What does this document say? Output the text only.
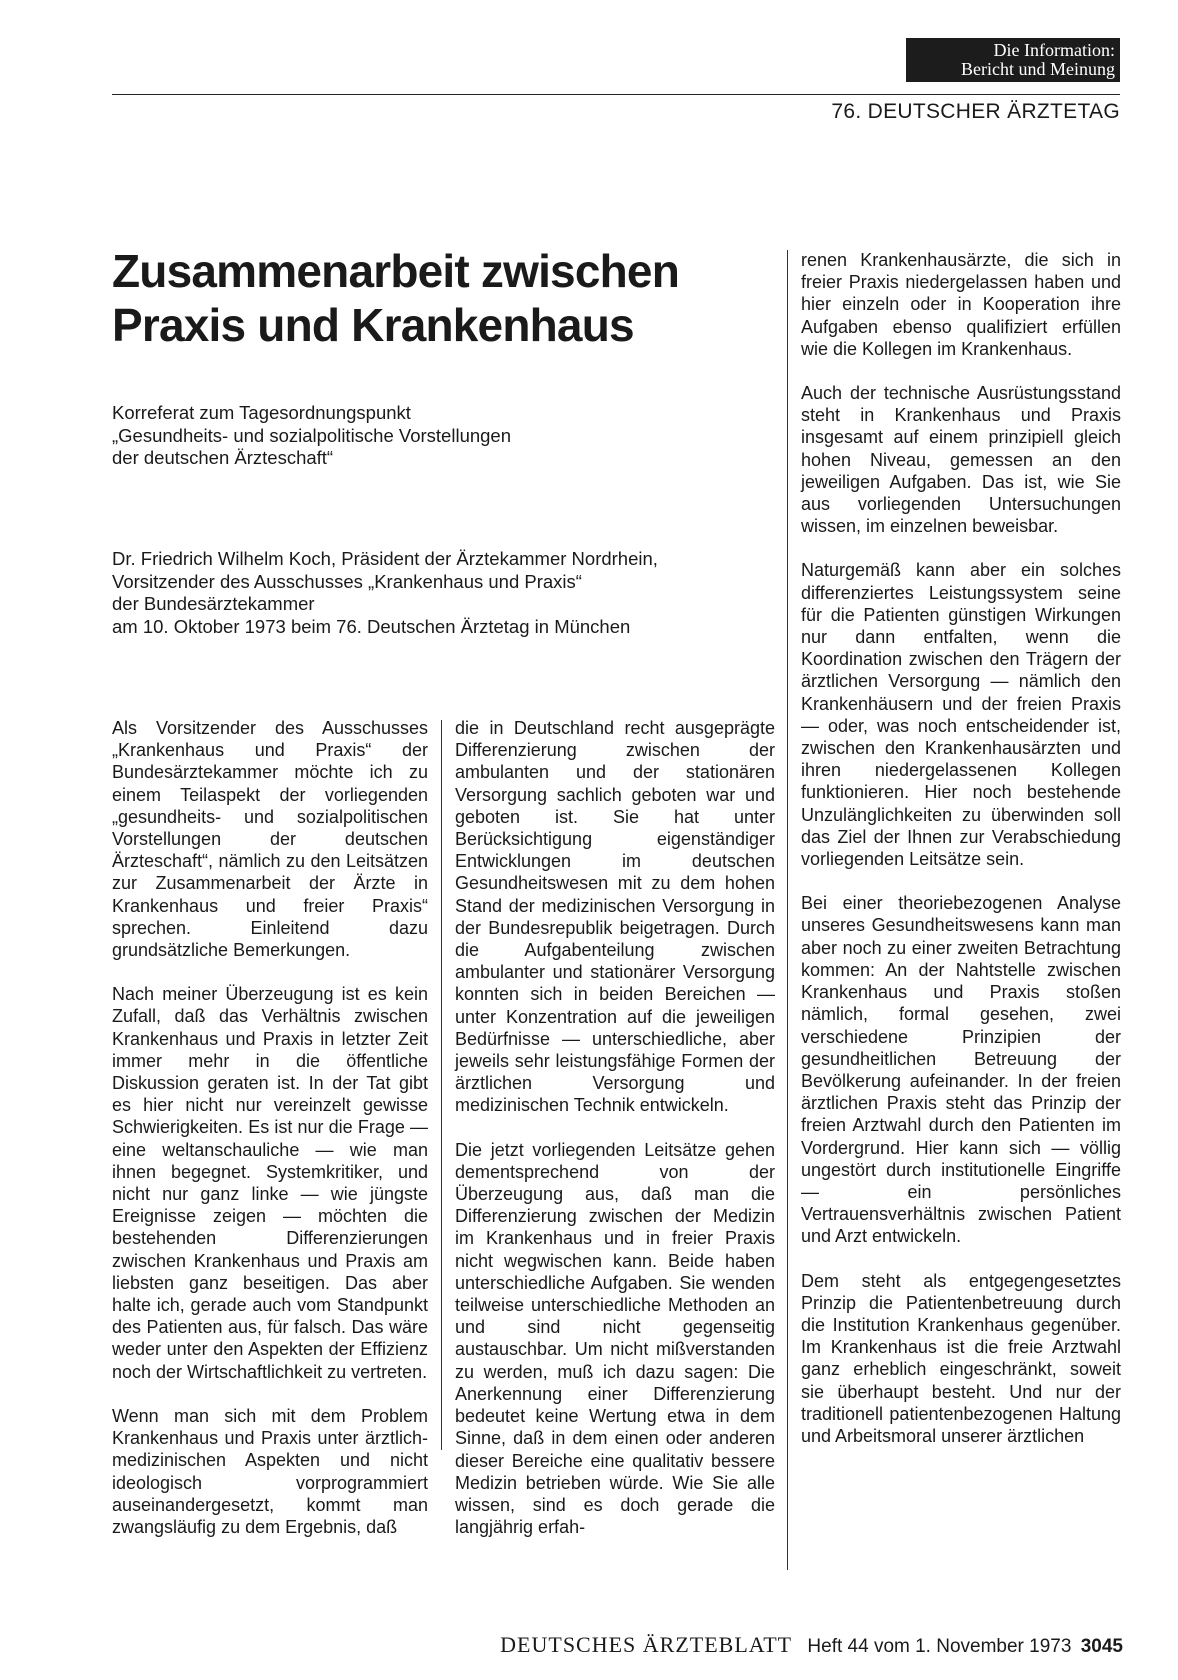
Die Information:
Bericht und Meinung
76. DEUTSCHER ÄRZTETAG
Zusammenarbeit zwischen
Praxis und Krankenhaus
Korreferat zum Tagesordnungspunkt
„Gesundheits- und sozialpolitische Vorstellungen
der deutschen Ärzteschaft“
Dr. Friedrich Wilhelm Koch, Präsident der Ärztekammer Nordrhein,
Vorsitzender des Ausschusses „Krankenhaus und Praxis“
der Bundesärztekammer
am 10. Oktober 1973 beim 76. Deutschen Ärztetag in München

Als Vorsitzender des Ausschusses „Krankenhaus und Praxis“ der Bundesärztekammer möchte ich zu einem Teilaspekt der vorliegenden „gesundheits- und sozialpolitischen Vorstellungen der deutschen Ärzteschaft“, nämlich zu den Leitsätzen zur Zusammenarbeit der Ärzte in Krankenhaus und freier Praxis“ sprechen. Einleitend dazu grundsätzliche Bemerkungen.

Nach meiner Überzeugung ist es kein Zufall, daß das Verhältnis zwischen Krankenhaus und Praxis in letzter Zeit immer mehr in die öffentliche Diskussion geraten ist. In der Tat gibt es hier nicht nur vereinzelt gewisse Schwierigkeiten. Es ist nur die Frage — eine weltanschauliche — wie man ihnen begegnet. Systemkritiker, und nicht nur ganz linke — wie jüngste Ereignisse zeigen — möchten die bestehenden Differenzierungen zwischen Krankenhaus und Praxis am liebsten ganz beseitigen. Das aber halte ich, gerade auch vom Standpunkt des Patienten aus, für falsch. Das wäre weder unter den Aspekten der Effizienz noch der Wirtschaftlichkeit zu vertreten.

Wenn man sich mit dem Problem Krankenhaus und Praxis unter ärztlich-medizinischen Aspekten und nicht ideologisch vorprogrammiert auseinandergesetzt, kommt man zwangsläufig zu dem Ergebnis, daß

die in Deutschland recht ausgeprägte Differenzierung zwischen der ambulanten und der stationären Versorgung sachlich geboten war und geboten ist. Sie hat unter Berücksichtigung eigenständiger Entwicklungen im deutschen Gesundheitswesen mit zu dem hohen Stand der medizinischen Versorgung in der Bundesrepublik beigetragen. Durch die Aufgabenteilung zwischen ambulanter und stationärer Versorgung konnten sich in beiden Bereichen — unter Konzentration auf die jeweiligen Bedürfnisse — unterschiedliche, aber jeweils sehr leistungsfähige Formen der ärztlichen Versorgung und medizinischen Technik entwickeln.

Die jetzt vorliegenden Leitsätze gehen dementsprechend von der Überzeugung aus, daß man die Differenzierung zwischen der Medizin im Krankenhaus und in freier Praxis nicht wegwischen kann. Beide haben unterschiedliche Aufgaben. Sie wenden teilweise unterschiedliche Methoden an und sind nicht gegenseitig austauschbar. Um nicht mißverstanden zu werden, muß ich dazu sagen: Die Anerkennung einer Differenzierung bedeutet keine Wertung etwa in dem Sinne, daß in dem einen oder anderen dieser Bereiche eine qualitativ bessere Medizin betrieben würde. Wie Sie alle wissen, sind es doch gerade die langjährig erfah-

renen Krankenhausärzte, die sich in freier Praxis niedergelassen haben und hier einzeln oder in Kooperation ihre Aufgaben ebenso qualifiziert erfüllen wie die Kollegen im Krankenhaus.

Auch der technische Ausrüstungsstand steht in Krankenhaus und Praxis insgesamt auf einem prinzipiell gleich hohen Niveau, gemessen an den jeweiligen Aufgaben. Das ist, wie Sie aus vorliegenden Untersuchungen wissen, im einzelnen beweisbar.

Naturgemäß kann aber ein solches differenziertes Leistungssystem seine für die Patienten günstigen Wirkungen nur dann entfalten, wenn die Koordination zwischen den Trägern der ärztlichen Versorgung — nämlich den Krankenhäusern und der freien Praxis — oder, was noch entscheidender ist, zwischen den Krankenhausärzten und ihren niedergelassenen Kollegen funktionieren. Hier noch bestehende Unzulänglichkeiten zu überwinden soll das Ziel der Ihnen zur Verabschiedung vorliegenden Leitsätze sein.

Bei einer theoriebezogenen Analyse unseres Gesundheitswesens kann man aber noch zu einer zweiten Betrachtung kommen: An der Nahtstelle zwischen Krankenhaus und Praxis stoßen nämlich, formal gesehen, zwei verschiedene Prinzipien der gesundheitlichen Betreuung der Bevölkerung aufeinander. In der freien ärztlichen Praxis steht das Prinzip der freien Arztwahl durch den Patienten im Vordergrund. Hier kann sich — völlig ungestört durch institutionelle Eingriffe — ein persönliches Vertrauensverhältnis zwischen Patient und Arzt entwickeln.

Dem steht als entgegengesetztes Prinzip die Patientenbetreuung durch die Institution Krankenhaus gegenüber. Im Krankenhaus ist die freie Arztwahl ganz erheblich eingeschränkt, soweit sie überhaupt besteht. Und nur der traditionell patientenbezogenen Haltung und Arbeitsmoral unserer ärztlichen

DEUTSCHES ÄRZTEBLATT Heft 44 vom 1. November 1973 3045
